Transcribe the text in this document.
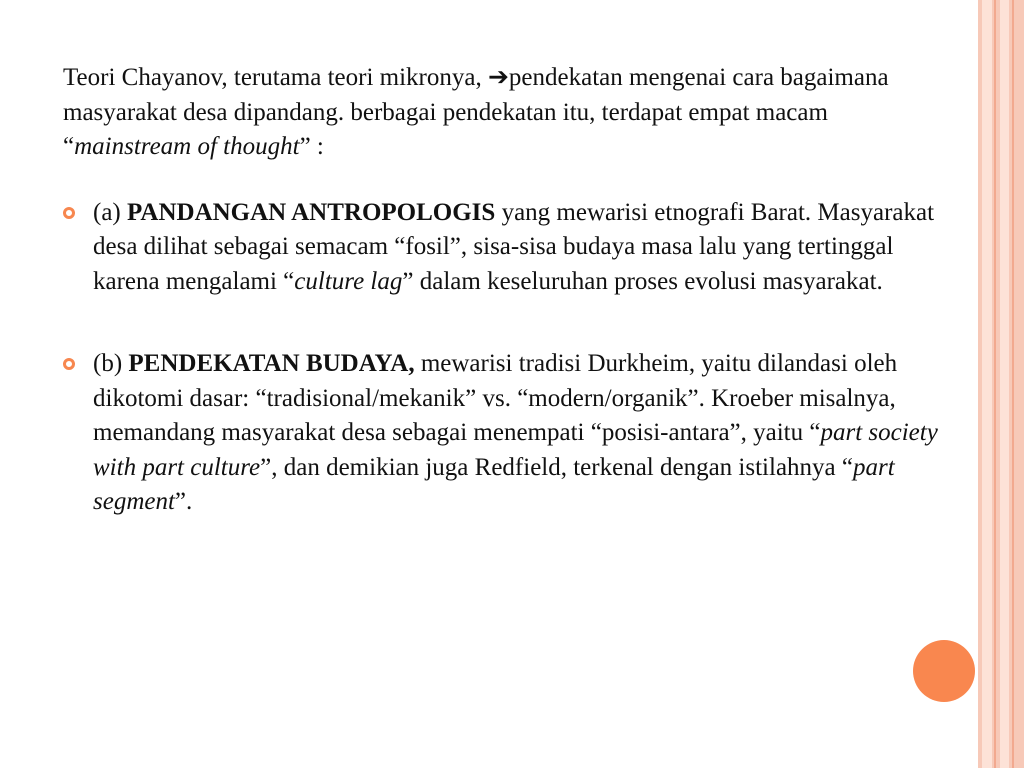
Teori Chayanov, terutama teori mikronya, ➔pendekatan mengenai cara bagaimana masyarakat desa dipandang. berbagai pendekatan itu, terdapat empat macam
“mainstream of thought” :
(a) PANDANGAN ANTROPOLOGIS yang mewarisi etnografi Barat. Masyarakat desa dilihat sebagai semacam “fosil”, sisa-sisa budaya masa lalu yang tertinggal karena mengalami “culture lag” dalam keseluruhan proses evolusi masyarakat.
(b) PENDEKATAN BUDAYA, mewarisi tradisi Durkheim, yaitu dilandasi oleh dikotomi dasar: “tradisional/mekanik” vs. “modern/organik”. Kroeber misalnya, memandang masyarakat desa sebagai menempati “posisi-antara”, yaitu “part society with part culture”, dan demikian juga Redfield, terkenal dengan istilahnya “part segment”.
